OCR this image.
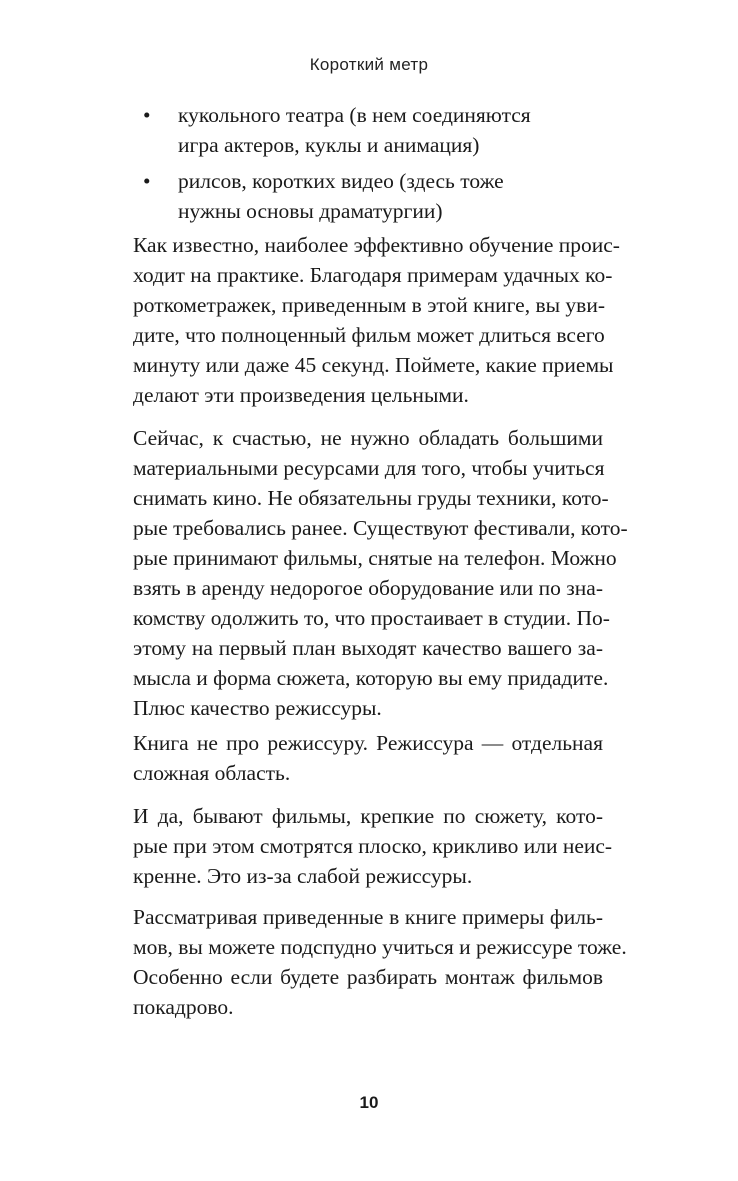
Короткий метр
• кукольного театра (в нем соединяются
игра актеров, куклы и анимация)
• рилсов, коротких видео (здесь тоже
нужны основы драматургии)
Как известно, наиболее эффективно обучение проис-
ходит на практике. Благодаря примерам удачных ко-
роткометражек, приведенным в этой книге, вы уви-
дите, что полноценный фильм может длиться всего
минуту или даже 45 секунд. Поймете, какие приемы
делают эти произведения цельными.
Сейчас, к счастью, не нужно обладать большими
материальными ресурсами для того, чтобы учиться
снимать кино. Не обязательны груды техники, кото-
рые требовались ранее. Существуют фестивали, кото-
рые принимают фильмы, снятые на телефон. Можно
взять в аренду недорогое оборудование или по зна-
комству одолжить то, что простаивает в студии. По-
этому на первый план выходят качество вашего за-
мысла и форма сюжета, которую вы ему придадите.
Плюс качество режиссуры.
Книга не про режиссуру. Режиссура — отдельная
сложная область.
И да, бывают фильмы, крепкие по сюжету, кото-
рые при этом смотрятся плоско, крикливо или неис-
кренне. Это из-за слабой режиссуры.
Рассматривая приведенные в книге примеры филь-
мов, вы можете подспудно учиться и режиссуре тоже.
Особенно если будете разбирать монтаж фильмов
покадрово.
10
